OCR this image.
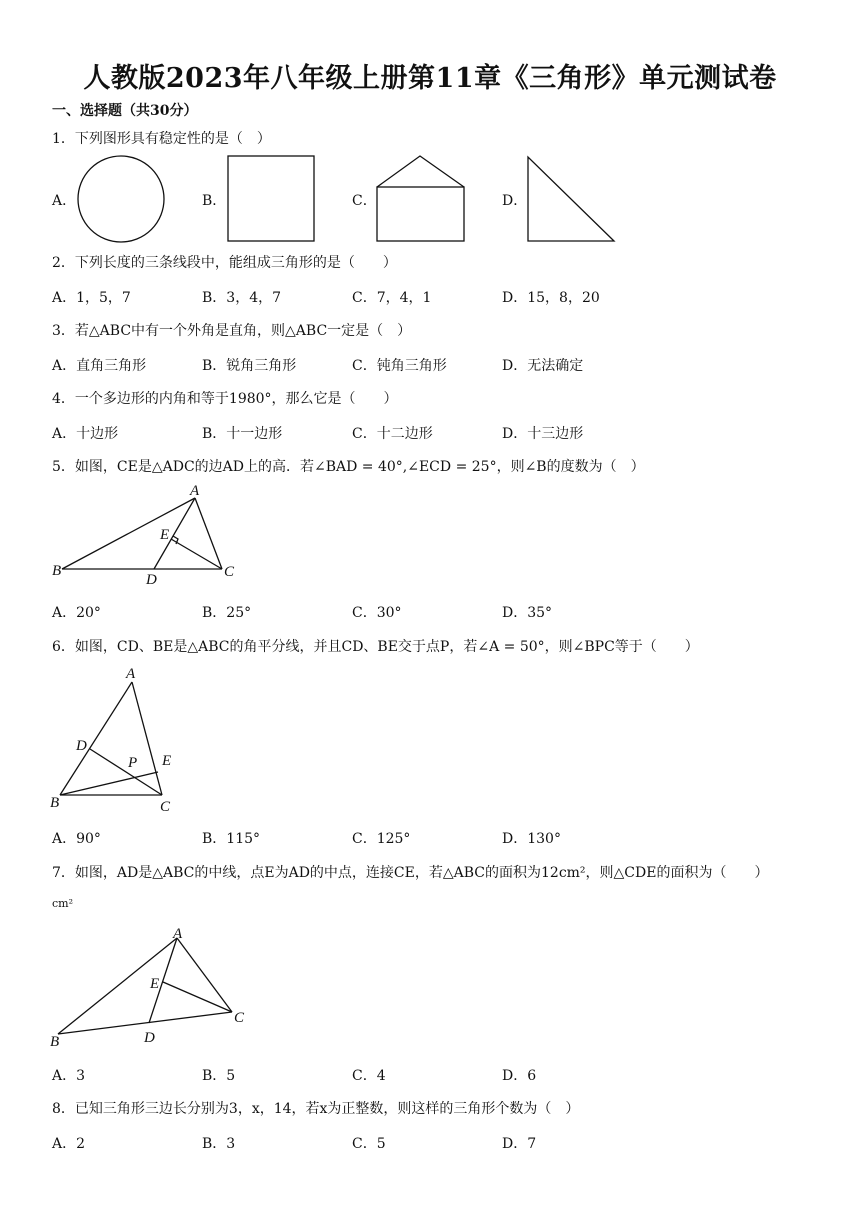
人教版2023年八年级上册第11章《三角形》单元测试卷
一、选择题（共30分）
1．下列图形具有稳定性的是（　）
A．	B．	C．	D．
2．下列长度的三条线段中，能组成三角形的是（　　）
A．1，5，7	B．3，4，7	C．7，4，1	D．15，8，20
3．若△ABC中有一个外角是直角，则△ABC一定是（　）
A．直角三角形	B．锐角三角形	C．钝角三角形	D．无法确定
4．一个多边形的内角和等于1980°，那么它是（　　）
A．十边形	B．十一边形	C．十二边形	D．十三边形
5．如图，CE是△ADC的边AD上的高．若∠BAD = 40°,∠ECD = 25°，则∠B的度数为（　）
A
E
B
D	C
A．20°	B．25°	C．30°	D．35°
6．如图，CD、BE是△ABC的角平分线，并且CD、BE交于点P，若∠A = 50°，则∠BPC等于（　　）
A
D
P E
B	C
A．90°	B．115°	C．125°	D．130°
7．如图，AD是△ABC的中线，点E为AD的中点，连接CE，若△ABC的面积为12cm²，则△CDE的面积为（　　）
cm²
A
E
C
B	D
A．3	B．5	C．4	D．6
8．已知三角形三边长分别为3，x，14，若x为正整数，则这样的三角形个数为（　）
A．2	B．3	C．5	D．7
